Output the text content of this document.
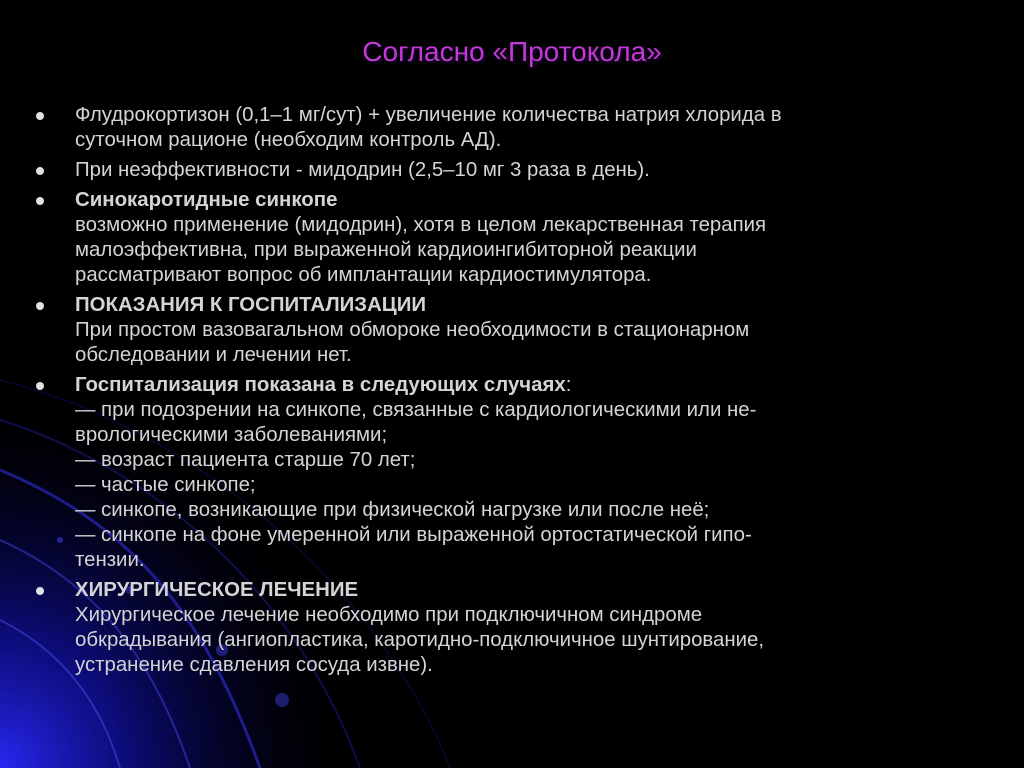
Согласно «Протокола»
Флудрокортизон (0,1–1 мг/сут) + увеличение количества натрия хлорида в
суточном рационе (необходим контроль АД).
При неэффективности - мидодрин (2,5–10 мг 3 раза в день).
Синокаротидные синкопе
возможно применение (мидодрин), хотя в целом лекарственная терапия
малоэффективна, при выраженной кардиоингибиторной реакции
рассматривают вопрос об имплантации кардиостимулятора.
ПОКАЗАНИЯ К ГОСПИТАЛИЗАЦИИ
При простом вазовагальном обмороке необходимости в стационарном
обследовании и лечении нет.
Госпитализация показана в следующих случаях:
— при подозрении на синкопе, связанные с кардиологическими или не-
врологическими заболеваниями;
— возраст пациента старше 70 лет;
— частые синкопе;
— синкопе, возникающие при физической нагрузке или после неё;
— синкопе на фоне умеренной или выраженной ортостатической гипо-
тензии.
ХИРУРГИЧЕСКОЕ ЛЕЧЕНИЕ
Хирургическое лечение необходимо при подключичном синдроме
обкрадывания (ангиопластика, каротидно-подключичное шунтирование,
устранение сдавления сосуда извне).
